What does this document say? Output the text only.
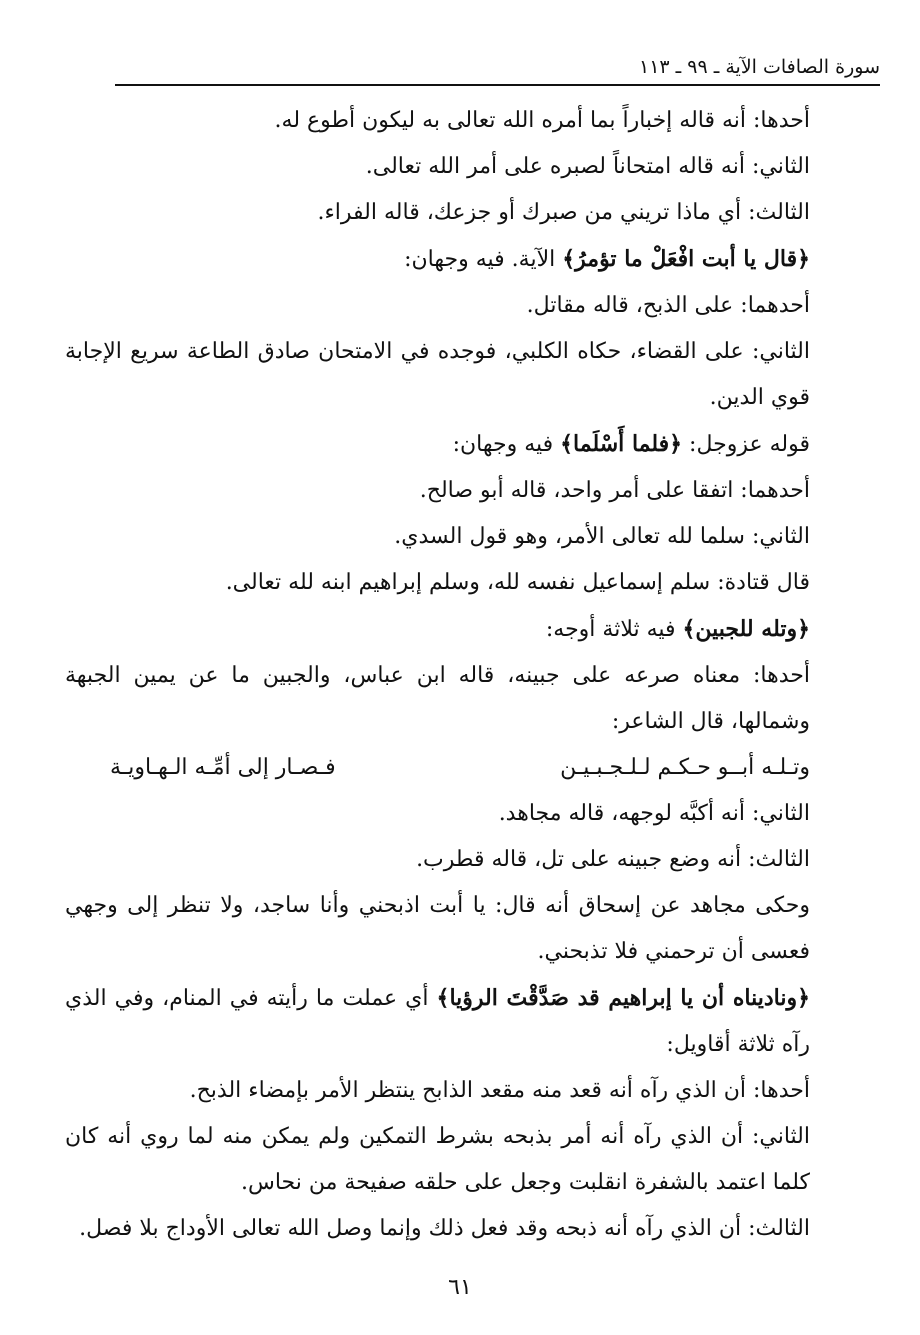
سورة الصافات الآية ـ ٩٩ ـ ١١٣

أحدها: أنه قاله إخباراً بما أمره الله تعالى به ليكون أطوع له.

الثاني: أنه قاله امتحاناً لصبره على أمر الله تعالى.

الثالث: أي ماذا تريني من صبرك أو جزعك، قاله الفراء.

﴿قال يا أبت افْعَلْ ما تؤمرُ﴾ الآية. فيه وجهان:

أحدهما: على الذبح، قاله مقاتل.

الثاني: على القضاء، حكاه الكلبي، فوجده في الامتحان صادق الطاعة سريع الإجابة قوي الدين.

قوله عزوجل: ﴿فلما أَسْلَما﴾ فيه وجهان:

أحدهما: اتفقا على أمر واحد، قاله أبو صالح.

الثاني: سلما لله تعالى الأمر، وهو قول السدي.

قال قتادة: سلم إسماعيل نفسه لله، وسلم إبراهيم ابنه لله تعالى.

﴿وتله للجبين﴾ فيه ثلاثة أوجه:

أحدها: معناه صرعه على جبينه، قاله ابن عباس، والجبين ما عن يمين الجبهة وشمالها، قال الشاعر:

وتـلـه أبــو حـكـم لـلـجـبـيـن
فـصـار إلى أمِّـه الـهـاويـة

الثاني: أنه أكبَّه لوجهه، قاله مجاهد.

الثالث: أنه وضع جبينه على تل، قاله قطرب.

وحكى مجاهد عن إسحاق أنه قال: يا أبت اذبحني وأنا ساجد، ولا تنظر إلى وجهي فعسى أن ترحمني فلا تذبحني.

﴿وناديناه أن يا إبراهيم قد صَدَّقْتَ الرؤيا﴾ أي عملت ما رأيته في المنام، وفي الذي رآه ثلاثة أقاويل:

أحدها: أن الذي رآه أنه قعد منه مقعد الذابح ينتظر الأمر بإمضاء الذبح.

الثاني: أن الذي رآه أنه أمر بذبحه بشرط التمكين ولم يمكن منه لما روي أنه كان كلما اعتمد بالشفرة انقلبت وجعل على حلقه صفيحة من نحاس.

الثالث: أن الذي رآه أنه ذبحه وقد فعل ذلك وإنما وصل الله تعالى الأوداج بلا فصل.

٦١
